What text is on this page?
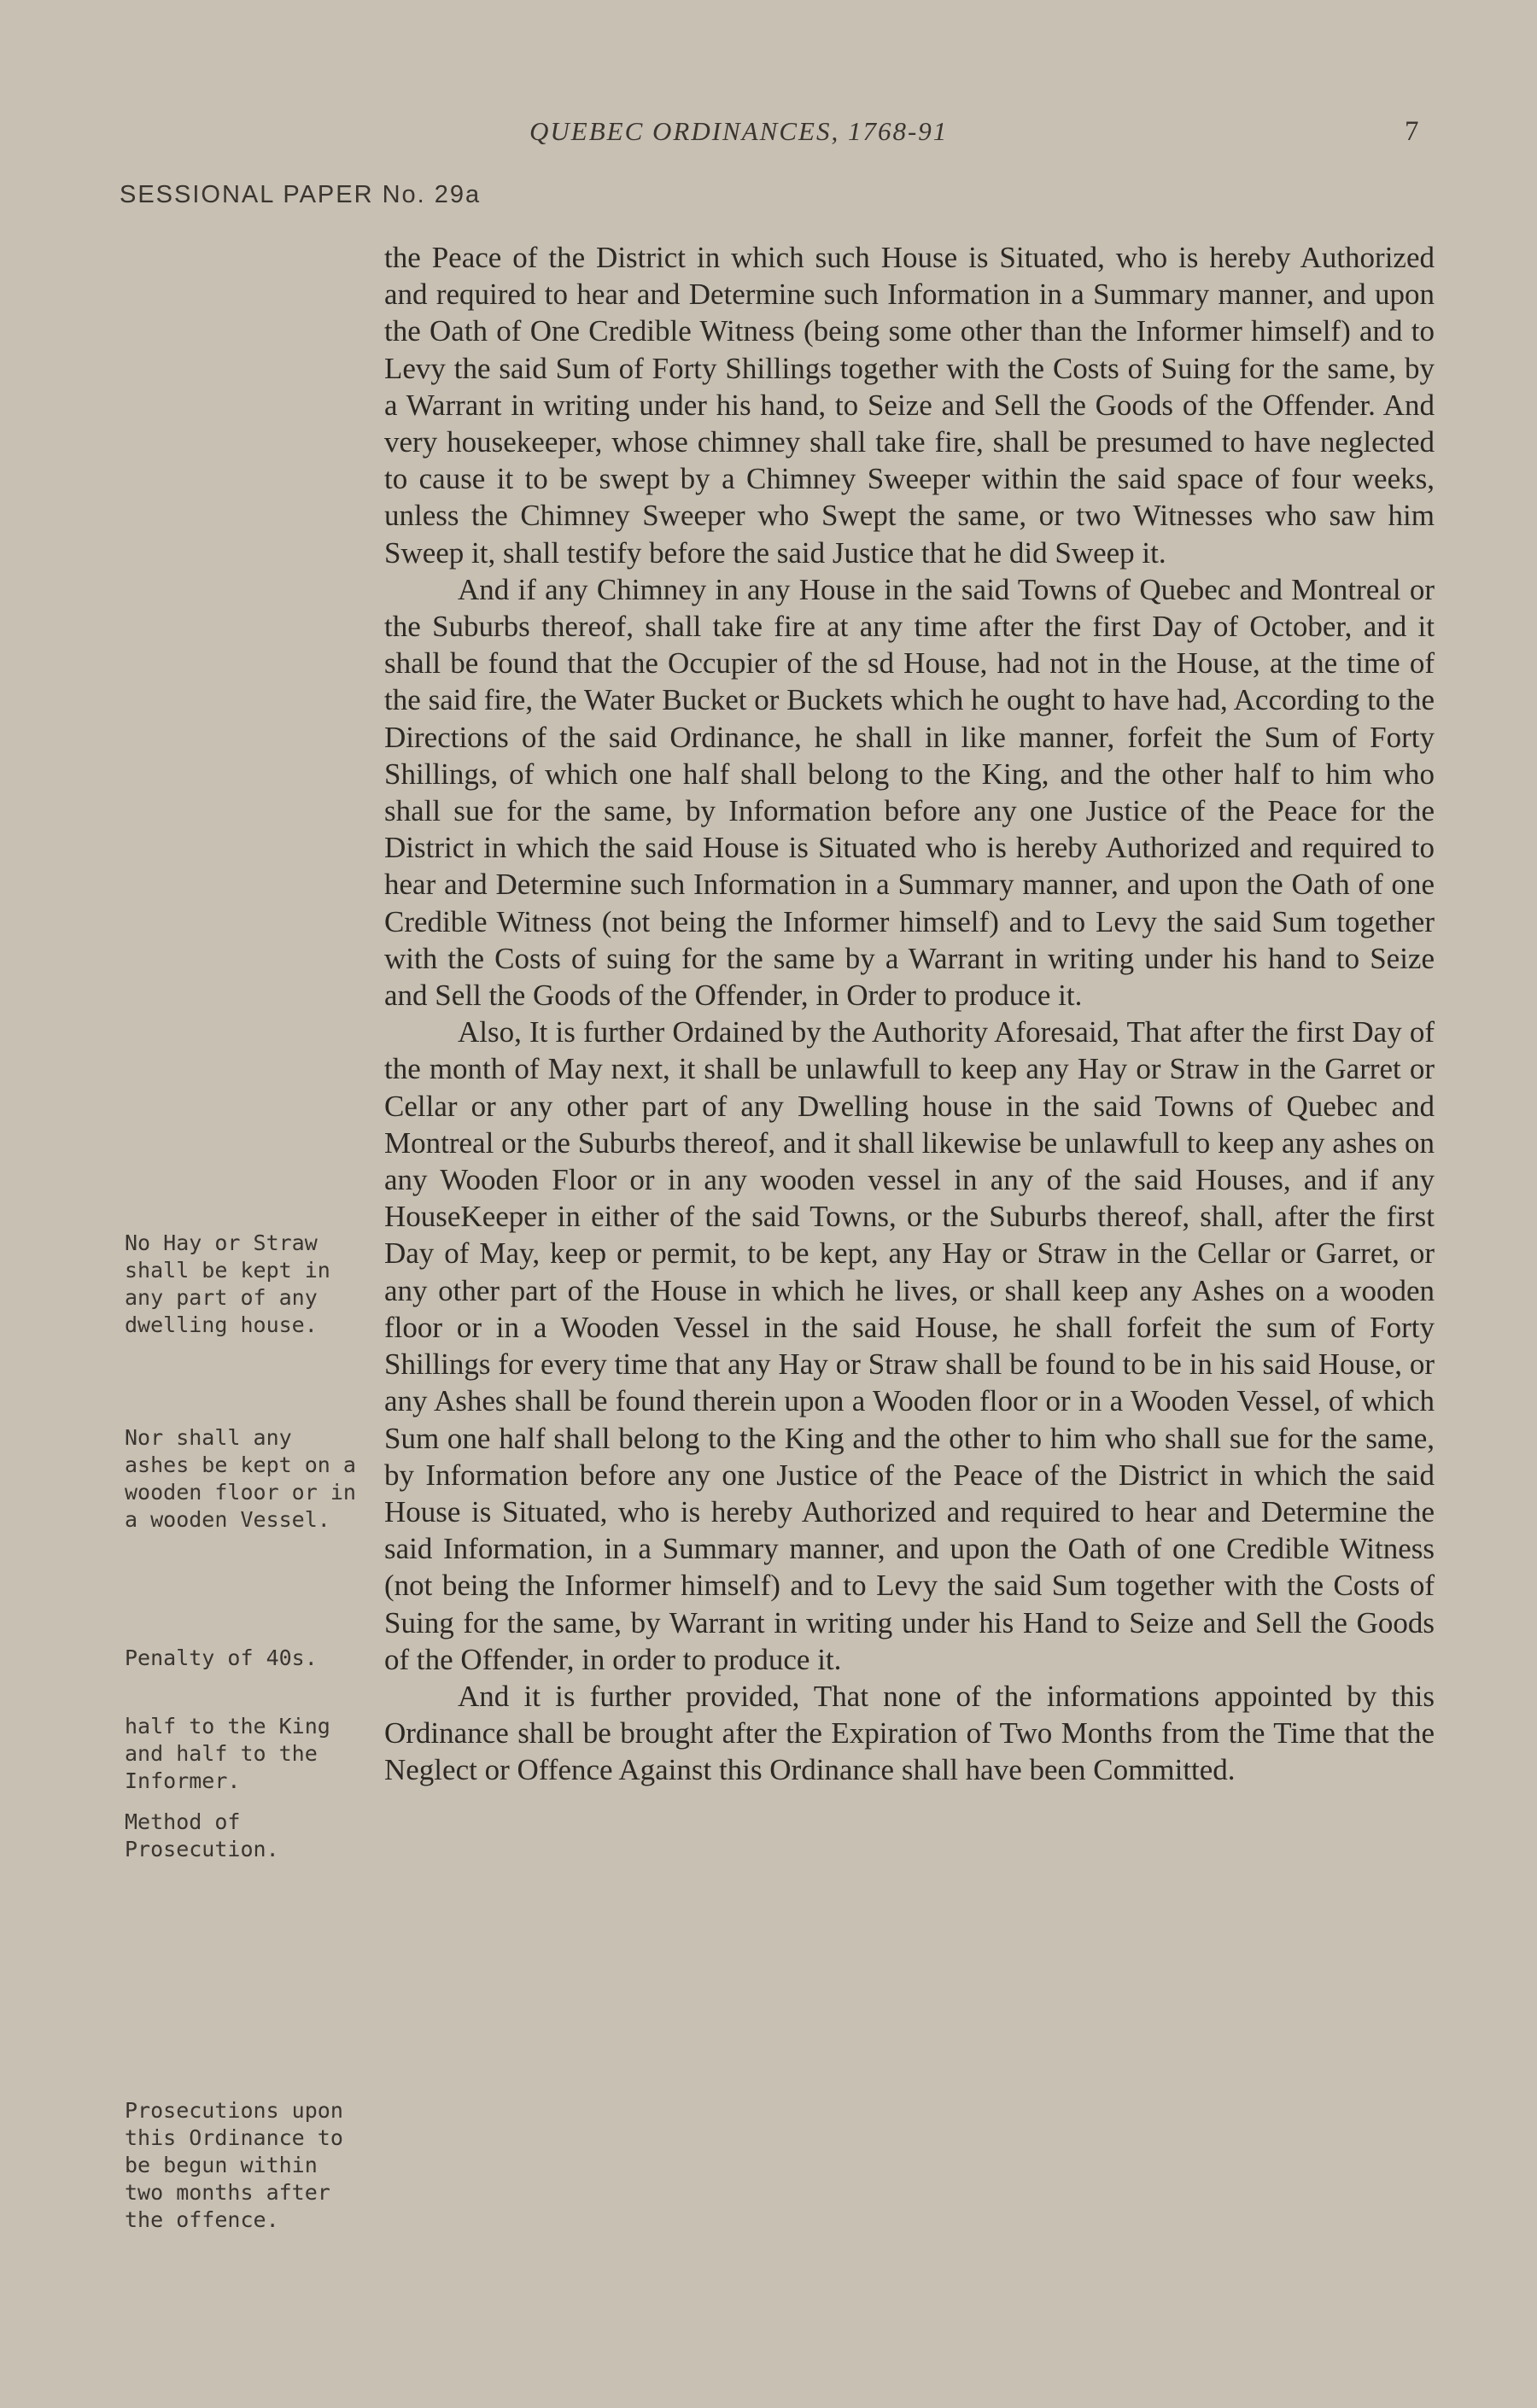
QUEBEC ORDINANCES, 1768-91	7
SESSIONAL PAPER No. 29a
No Hay or Straw shall be kept in any part of any dwelling house.
Nor shall any ashes be kept on a wooden floor or in a wooden Vessel.
Penalty of 40s.
half to the King and half to the Informer.
Method of Prosecution.
Prosecutions upon this Ordinance to be begun within two months after the offence.

the Peace of the District in which such House is Situated, who is hereby Authorized and required to hear and Determine such Information in a Summary manner, and upon the Oath of One Credible Witness (being some other than the Informer himself) and to Levy the said Sum of Forty Shillings together with the Costs of Suing for the same, by a Warrant in writing under his hand, to Seize and Sell the Goods of the Offender. And very housekeeper, whose chimney shall take fire, shall be presumed to have neglected to cause it to be swept by a Chimney Sweeper within the said space of four weeks, unless the Chimney Sweeper who Swept the same, or two Witnesses who saw him Sweep it, shall testify before the said Justice that he did Sweep it.

And if any Chimney in any House in the said Towns of Quebec and Montreal or the Suburbs thereof, shall take fire at any time after the first Day of October, and it shall be found that the Occupier of the sd House, had not in the House, at the time of the said fire, the Water Bucket or Buckets which he ought to have had, According to the Directions of the said Ordinance, he shall in like manner, forfeit the Sum of Forty Shillings, of which one half shall belong to the King, and the other half to him who shall sue for the same, by Information before any one Justice of the Peace for the District in which the said House is Situated who is hereby Authorized and required to hear and Determine such Information in a Summary manner, and upon the Oath of one Credible Witness (not being the Informer himself) and to Levy the said Sum together with the Costs of suing for the same by a Warrant in writing under his hand to Seize and Sell the Goods of the Offender, in Order to produce it.

Also, It is further Ordained by the Authority Aforesaid, That after the first Day of the month of May next, it shall be unlawfull to keep any Hay or Straw in the Garret or Cellar or any other part of any Dwelling house in the said Towns of Quebec and Montreal or the Suburbs thereof, and it shall likewise be unlawfull to keep any ashes on any Wooden Floor or in any wooden vessel in any of the said Houses, and if any HouseKeeper in either of the said Towns, or the Suburbs thereof, shall, after the first Day of May, keep or permit, to be kept, any Hay or Straw in the Cellar or Garret, or any other part of the House in which he lives, or shall keep any Ashes on a wooden floor or in a Wooden Vessel in the said House, he shall forfeit the sum of Forty Shillings for every time that any Hay or Straw shall be found to be in his said House, or any Ashes shall be found therein upon a Wooden floor or in a Wooden Vessel, of which Sum one half shall belong to the King and the other to him who shall sue for the same, by Information before any one Justice of the Peace of the District in which the said House is Situated, who is hereby Authorized and required to hear and Determine the said Information, in a Summary manner, and upon the Oath of one Credible Witness (not being the Informer himself) and to Levy the said Sum together with the Costs of Suing for the same, by Warrant in writing under his Hand to Seize and Sell the Goods of the Offender, in order to produce it.

And it is further provided, That none of the informations appointed by this Ordinance shall be brought after the Expiration of Two Months from the Time that the Neglect or Offence Against this Ordinance shall have been Committed.
